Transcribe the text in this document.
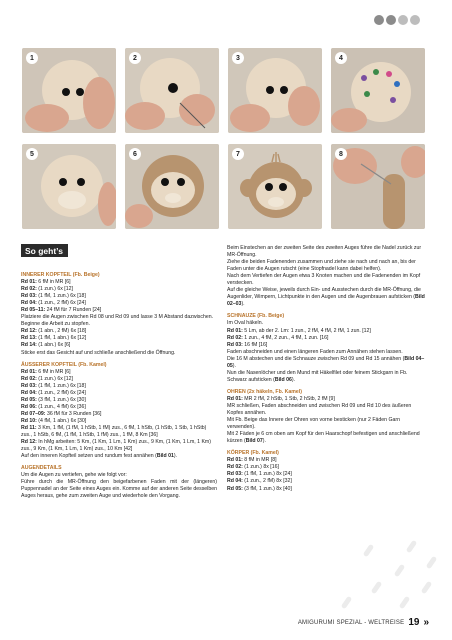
1	2	3	4
5	6	7	8
So geht’s

INNERER KOPFTEIL (Fb. Beige)

Rd 01: 6 fM in MR [6]

Rd 02: (1 zun.) 6x [12]

Rd 03: (1 fM, 1 zun.) 6x [18]

Rd 04: (1 zun., 2 fM) 6x [24]

Rd 05–11: 24 fM für 7 Runden [24]

Platziere die Augen zwischen Rd 08 und Rd 09 und lasse 3 M Abstand dazwischen.

Beginne die Arbeit zu stopfen.

Rd 12: (1 abn., 2 fM) 6x [18]

Rd 13: (1 fM, 1 abn.) 6x [12]

Rd 14: (1 abn.) 6x [6]

Sticke erst das Gesicht auf und schließe anschließend die Öffnung.

ÄUSSERER KOPFTEIL (Fb. Kamel)

Rd 01: 6 fM in MR [6]

Rd 02: (1 zun.) 6x [12]

Rd 03: (1 fM, 1 zun.) 6x [18]

Rd 04: (1 zun., 2 fM) 6x [24]

Rd 05: (3 fM, 1 zun.) 6x [30]

Rd 06: (1 zun., 4 fM) 6x [36]

Rd 07–09: 36 fM für 3 Runden [36]

Rd 10: (4 fM, 1 abn.) 6x [30]

Rd 11: 3 Km, 1 fM, (1 fM, 1 hStb, 1 fM) zus., 6 fM, 1 hStb, (1 hStb, 1 Stb, 1 hStb) zus., 1 hStb, 6 fM, (1 fM, 1 hStb, 1 fM) zus., 1 fM, 8 Km [36]

Rd 12: In hMg arbeiten: 5 Km, (1 Km, 1 Lm, 1 Km) zus., 9 Km, (1 Km, 1 Lm, 1 Km) zus., 9 Km, (1 Km, 1 Lm, 1 Km) zus., 10 Km [42]

Auf den inneren Kopfteil setzen und rundum fest annähen (Bild 01).

AUGENDETAILS

Um die Augen zu vertiefen, gehe wie folgt vor:

Führe durch die MR-Öffnung den beigefarbenen Faden mit der (längeren) Puppennadel an der Seite eines Auges ein. Komme auf der anderen Seite desselben Auges heraus, gehe zum zweiten Auge und wiederhole den Vorgang.

Beim Einstechen an der zweiten Seite des zweiten Auges führe die Nadel zurück zur MR-Öffnung.

Ziehe die beiden Fadenenden zusammen und ziehe sie nach und nach an, bis der Faden unter die Augen rutscht (eine Stopfnadel kann dabei helfen).

Nach dem Vertiefen der Augen etwa 3 Knoten machen und die Fadenenden im Kopf verstecken.

Auf die gleiche Weise, jeweils durch Ein- und Ausstechen durch die MR-Öffnung, die Augenlider, Wimpern, Lichtpunkte in den Augen und die Augenbrauen aufsticken (Bild 02–03).

SCHNAUZE (Fb. Beige)

Im Oval häkeln.

Rd 01: 5 Lm, ab der 2. Lm: 1 zun., 2 fM, 4 fM, 2 fM, 1 zun. [12]

Rd 02: 1 zun., 4 fM, 2 zun., 4 fM, 1 zun. [16]

Rd 03: 16 fM [16]

Faden abschneiden und einen längeren Faden zum Annähen stehen lassen.

Die 16 M abstechen und die Schnauze zwischen Rd 09 und Rd 15 annähen (Bild 04–05).

Nun die Nasenlöcher und den Mund mit Häkelfilet oder feinem Stickgarn in Fb. Schwarz aufsticken (Bild 06).

OHREN (2x häkeln, Fb. Kamel)

Rd 01: MR 2 fM, 2 hStb, 1 Stb, 2 hStb, 2 fM [9]

MR schließen, Faden abschneiden und zwischen Rd 09 und Rd 10 des äußeren Kopfes annähen.

Mit Fb. Beige das Innere der Ohren von vorne besticken (nur 2 Fäden Garn verwenden).

Mit 2 Fäden je 6 cm oben am Kopf für den Haarschopf befestigen und anschließend kürzen (Bild 07).

KÖRPER (Fb. Kamel)

Rd 01: 8 fM in MR [8]

Rd 02: (1 zun.) 8x [16]

Rd 03: (1 fM, 1 zun.) 8x [24]

Rd 04: (1 zun., 2 fM) 8x [32]

Rd 05: (3 fM, 1 zun.) 8x [40]

AMIGURUMI SPEZIAL - WELTREISE 19 »
